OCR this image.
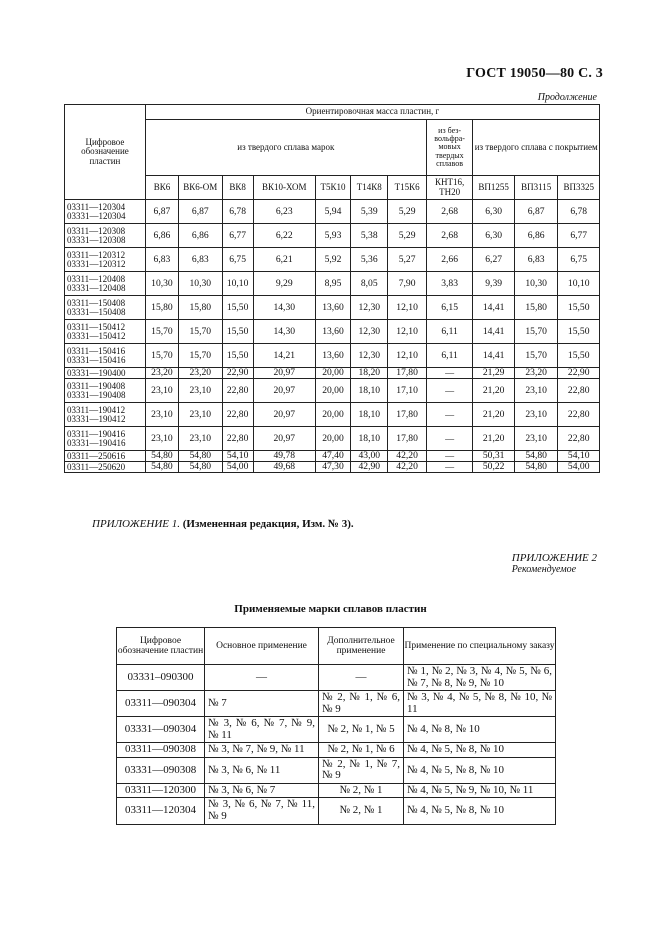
ГОСТ 19050—80 С. 3
Продолжение
Цифровое обозначение пластин	Ориентировочная масса пластин, г										
	из твердого сплава марок							из без-вольфра-мовых твердых сплавов	из твердого сплава с покрытием		
	ВК6	ВК6-ОМ	ВК8	ВК10-ХОМ	Т5К10	Т14К8	Т15К6	КНТ16, ТН20	ВП1255	ВП3115	ВП3325

03311—120304
03331—120304	6,87	6,87	6,78	6,23	5,94	5,39	5,29	2,68	6,30	6,87	6,78

03311—120308
03331—120308	6,86	6,86	6,77	6,22	5,93	5,38	5,29	2,68	6,30	6,86	6,77

03311—120312
03331—120312	6,83	6,83	6,75	6,21	5,92	5,36	5,27	2,66	6,27	6,83	6,75

03311—120408
03331—120408	10,30	10,30	10,10	9,29	8,95	8,05	7,90	3,83	9,39	10,30	10,10

03311—150408
03331—150408	15,80	15,80	15,50	14,30	13,60	12,30	12,10	6,15	14,41	15,80	15,50

03311—150412
03331—150412	15,70	15,70	15,50	14,30	13,60	12,30	12,10	6,11	14,41	15,70	15,50

03311—150416
03331—150416	15,70	15,70	15,50	14,21	13,60	12,30	12,10	6,11	14,41	15,70	15,50

03331—190400	23,20	23,20	22,90	20,97	20,00	18,20	17,80	—	21,29	23,20	22,90

03311—190408
03331—190408	23,10	23,10	22,80	20,97	20,00	18,10	17,10	—	21,20	23,10	22,80

03311—190412
03331—190412	23,10	23,10	22,80	20,97	20,00	18,10	17,80	—	21,20	23,10	22,80

03311—190416
03331—190416	23,10	23,10	22,80	20,97	20,00	18,10	17,80	—	21,20	23,10	22,80

03311—250616	54,80	54,80	54,10	49,78	47,40	43,00	42,20	—	50,31	54,80	54,10

03311—250620	54,80	54,80	54,00	49,68	47,30	42,90	42,20	—	50,22	54,80	54,00
ПРИЛОЖЕНИЕ 1. (Измененная редакция, Изм. № 3).
ПРИЛОЖЕНИЕ 2
Рекомендуемое
Применяемые марки сплавов пластин
Цифровое обозначение пластин	Основное применение	Дополнительное применение	Применение по специальному заказу
03331–090300	—	—	№ 1, № 2, № 3, № 4, № 5, № 6, № 7, № 8, № 9, № 10
03311—090304	№ 7	№ 2, № 1, № 6, № 9	№ 3, № 4, № 5, № 8, № 10, № 11
03331—090304	№ 3, № 6, № 7, № 9, № 11	№ 2, № 1, № 5	№ 4, № 8, № 10
03311—090308	№ 3, № 7, № 9, № 11	№ 2, № 1, № 6	№ 4, № 5, № 8, № 10
03331—090308	№ 3, № 6, № 11	№ 2, № 1, № 7, № 9	№ 4, № 5, № 8, № 10
03311—120300	№ 3, № 6, № 7	№ 2, № 1	№ 4, № 5, № 9, № 10, № 11
03311—120304	№ 3, № 6, № 7, № 11, № 9	№ 2, № 1	№ 4, № 5, № 8, № 10
